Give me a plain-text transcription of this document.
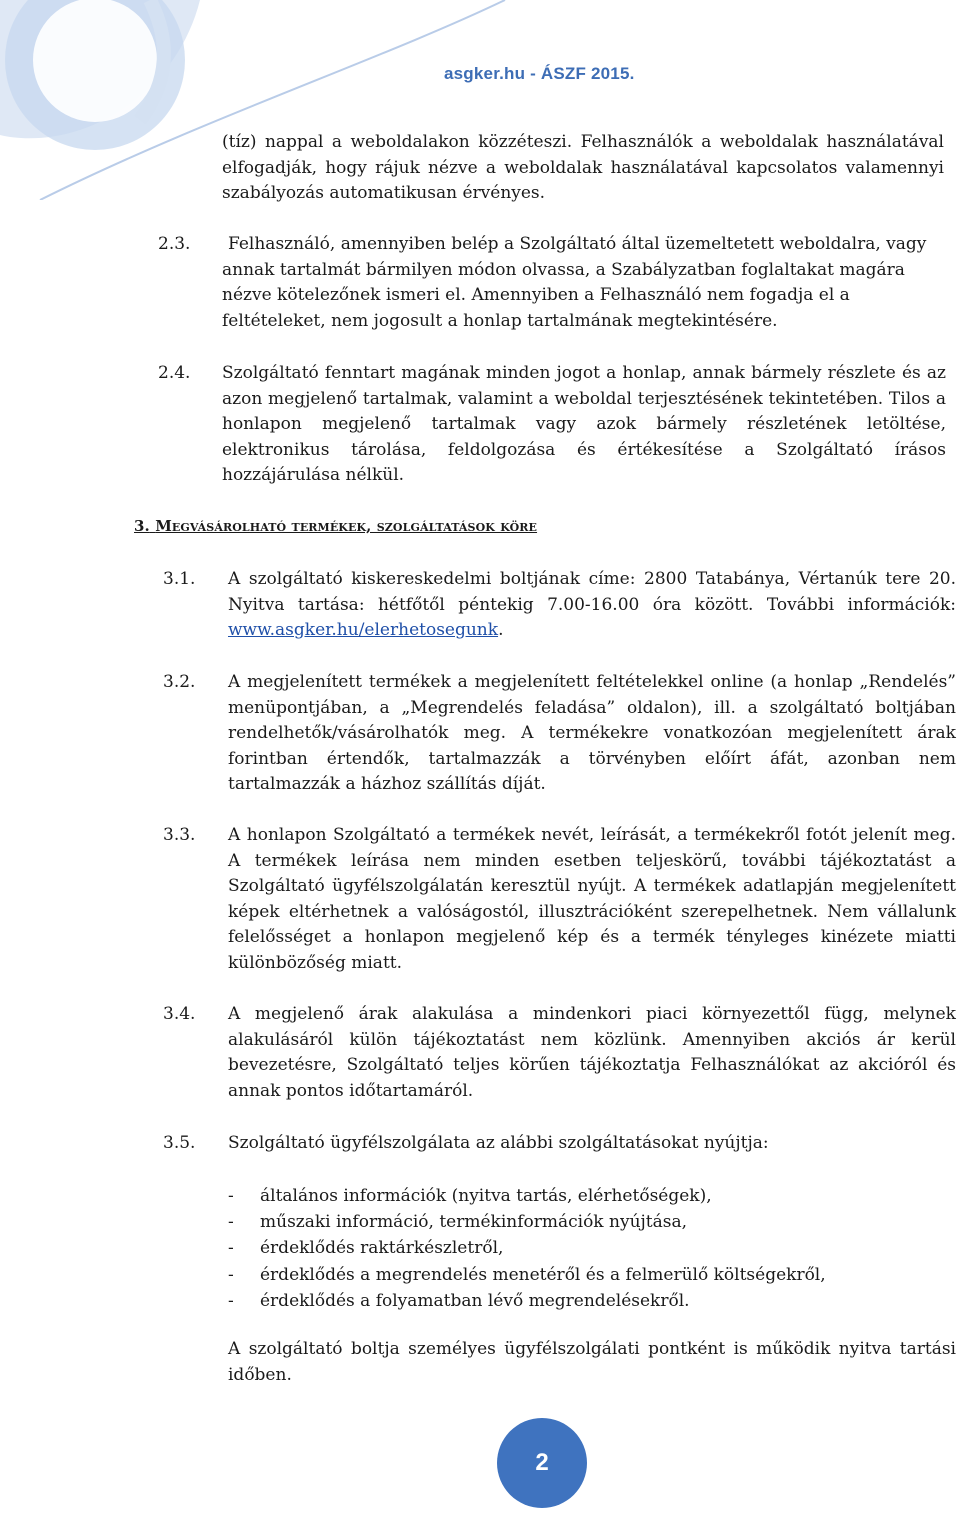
asgker.hu - ÁSZF 2015.
(tíz) nappal a weboldalakon közzéteszi. Felhasználók a weboldalak használatával elfogadják, hogy rájuk nézve a weboldalak használatával kapcsolatos valamennyi szabályozás automatikusan érvényes.
2.3.	Felhasználó, amennyiben belép a Szolgáltató által üzemeltetett weboldalra, vagy annak tartalmát bármilyen módon olvassa, a Szabályzatban foglaltakat magára nézve kötelezőnek ismeri el. Amennyiben a Felhasználó nem fogadja el a feltételeket, nem jogosult a honlap tartalmának megtekintésére.
2.4. Szolgáltató fenntart magának minden jogot a honlap, annak bármely részlete és az azon megjelenő tartalmak, valamint a weboldal terjesztésének tekintetében. Tilos a honlapon megjelenő tartalmak vagy azok bármely részletének letöltése, elektronikus tárolása, feldolgozása és értékesítése a Szolgáltató írásos hozzájárulása nélkül.
3. Megvásárolható termékek, szolgáltatások köre
3.1. A szolgáltató kiskereskedelmi boltjának címe: 2800 Tatabánya, Vértanúk tere 20. Nyitva tartása: hétfőtől péntekig 7.00-16.00 óra között. További információk: www.asgker.hu/elerhetosegunk.
3.2. A megjelenített termékek a megjelenített feltételekkel online (a honlap „Rendelés” menüpontjában, a „Megrendelés feladása” oldalon), ill. a szolgáltató boltjában rendelhetők/vásárolhatók meg. A termékekre vonatkozóan megjelenített árak forintban értendők, tartalmazzák a törvényben előírt áfát, azonban nem tartalmazzák a házhoz szállítás díját.
3.3. A honlapon Szolgáltató a termékek nevét, leírását, a termékekről fotót jelenít meg. A termékek leírása nem minden esetben teljeskörű, további tájékoztatást a Szolgáltató ügyfélszolgálatán keresztül nyújt. A termékek adatlapján megjelenített képek eltérhetnek a valóságostól, illusztrációként szerepelhetnek. Nem vállalunk felelősséget a honlapon megjelenő kép és a termék tényleges kinézete miatti különbözőség miatt.
3.4. A megjelenő árak alakulása a mindenkori piaci környezettől függ, melynek alakulásáról külön tájékoztatást nem közlünk. Amennyiben akciós ár kerül bevezetésre, Szolgáltató teljes körűen tájékoztatja Felhasználókat az akcióról és annak pontos időtartamáról.
3.5. Szolgáltató ügyfélszolgálata az alábbi szolgáltatásokat nyújtja:
-	általános információk (nyitva tartás, elérhetőségek),
-	műszaki információ, termékinformációk nyújtása,
-	érdeklődés raktárkészletről,
-	érdeklődés a megrendelés menetéről és a felmerülő költségekről,
-	érdeklődés a folyamatban lévő megrendelésekről.
A szolgáltató boltja személyes ügyfélszolgálati pontként is működik nyitva tartási időben.
2
